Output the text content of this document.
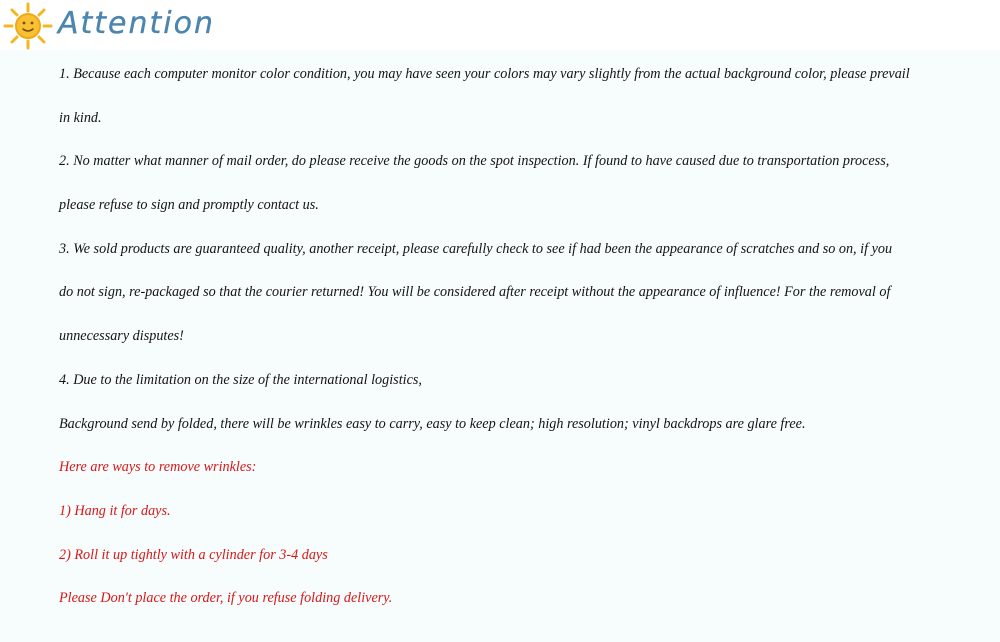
Attention
1. Because each computer monitor color condition, you may have seen your colors may vary slightly from the actual background color, please prevail
in kind.
2. No matter what manner of mail order, do please receive the goods on the spot inspection. If found to have caused due to transportation process,
please refuse to sign and promptly contact us.
3. We sold products are guaranteed quality, another receipt, please carefully check to see if had been the appearance of scratches and so on, if you
do not sign, re-packaged so that the courier returned! You will be considered after receipt without the appearance of influence! For the removal of
unnecessary disputes!
4. Due to the limitation on the size of the international logistics,
Background send by folded, there will be wrinkles easy to carry, easy to keep clean; high resolution; vinyl backdrops are glare free.
Here are ways to remove wrinkles:
1) Hang it for days.
2) Roll it up tightly with a cylinder for 3-4 days
Please Don't place the order, if you refuse folding delivery.
